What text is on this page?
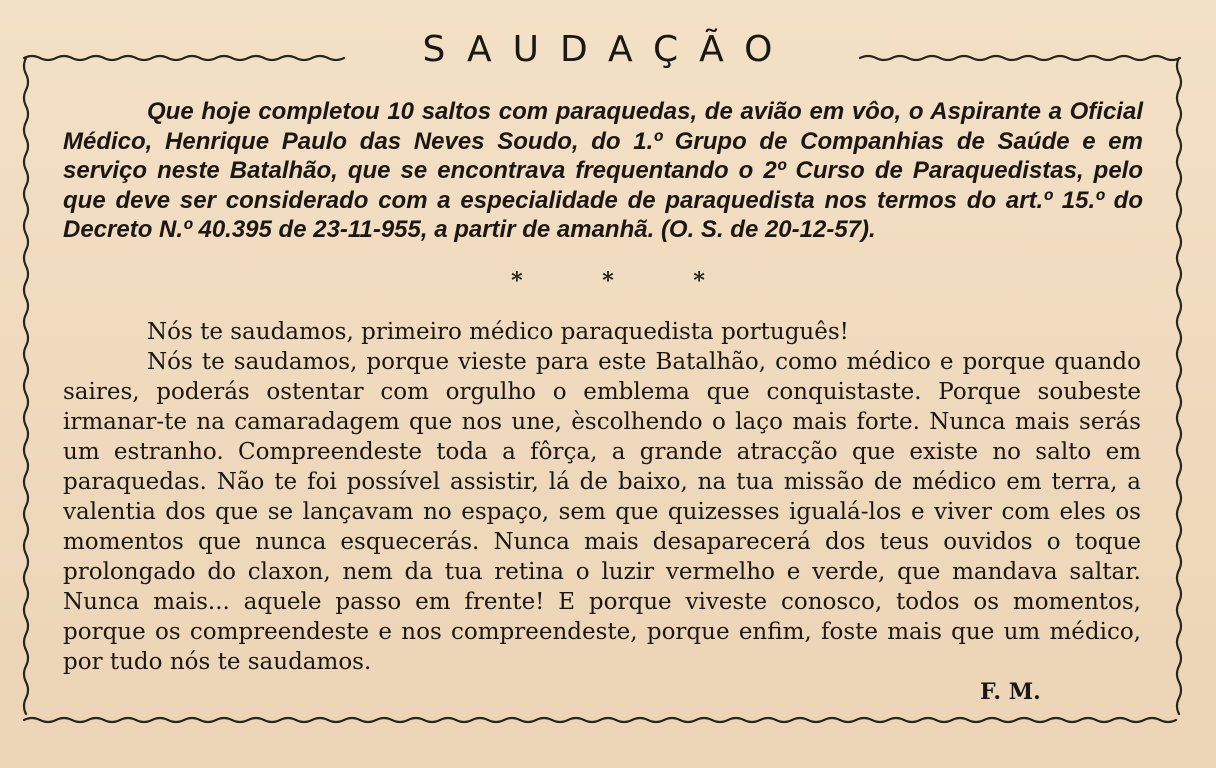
SAUDAÇÃO

Que hoje completou 10 saltos com paraquedas, de avião em vôo, o Aspirante a Oficial Médico, Henrique Paulo das Neves Soudo, do 1.º Grupo de Companhias de Saúde e em serviço neste Batalhão, que se encontrava frequentando o 2º Curso de Paraquedistas, pelo que deve ser considerado com a especialidade de paraquedista nos termos do art.º 15.º do Decreto N.º 40.395 de 23-11-955, a partir de amanhã. (O. S. de 20-12-57).

* * *

Nós te saudamos, primeiro médico paraquedista português!

Nós te saudamos, porque vieste para este Batalhão, como médico e porque quando saires, poderás ostentar com orgulho o emblema que conquistaste. Porque soubeste irmanar-te na camaradagem que nos une, èscolhendo o laço mais forte. Nunca mais serás um estranho. Compreendeste toda a fôrça, a grande atracção que existe no salto em paraquedas. Não te foi possível assistir, lá de baixo, na tua missão de médico em terra, a valentia dos que se lançavam no espaço, sem que quizesses igualá-los e viver com eles os momentos que nunca esquecerás. Nunca mais desaparecerá dos teus ouvidos o toque prolongado do claxon, nem da tua retina o luzir vermelho e verde, que mandava saltar. Nunca mais... aquele passo em frente! E porque viveste conosco, todos os momentos, porque os compreendeste e nos compreendeste, porque enfim, foste mais que um médico, por tudo nós te saudamos.

F. M.
